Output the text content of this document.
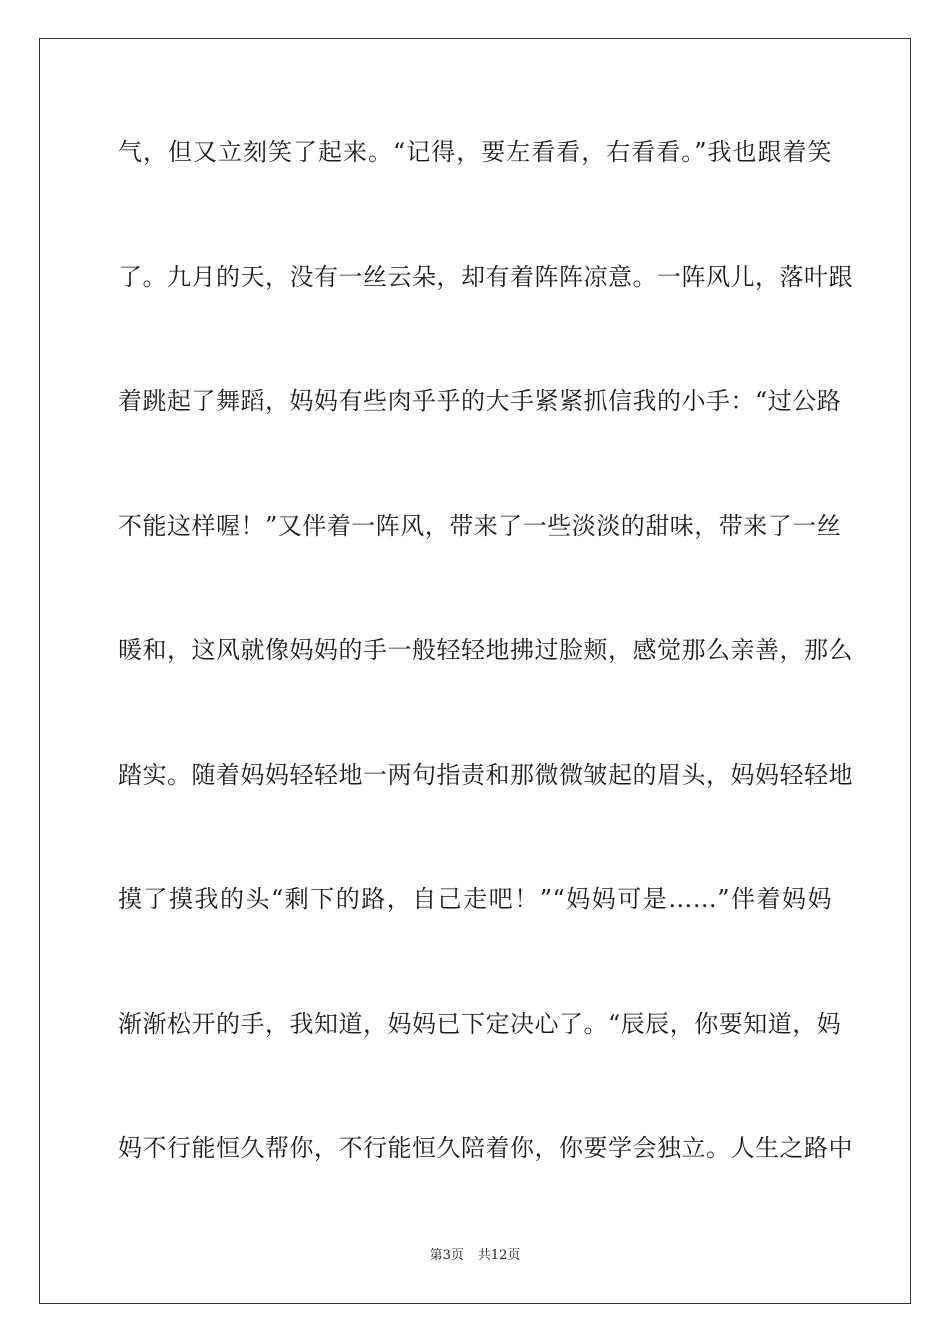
气，但又立刻笑了起来。“记得，要左看看，右看看。”我也跟着笑
了。九月的天，没有一丝云朵，却有着阵阵凉意。一阵风儿，落叶跟
着跳起了舞蹈，妈妈有些肉乎乎的大手紧紧抓信我的小手：“过公路
不能这样喔！”又伴着一阵风，带来了一些淡淡的甜味，带来了一丝
暖和，这风就像妈妈的手一般轻轻地拂过脸颊，感觉那么亲善，那么
踏实。随着妈妈轻轻地一两句指责和那微微皱起的眉头，妈妈轻轻地
摸了摸我的头“剩下的路，自己走吧！”“妈妈可是……”伴着妈妈
渐渐松开的手，我知道，妈妈已下定决心了。“辰辰，你要知道，妈
妈不行能恒久帮你，不行能恒久陪着你，你要学会独立。人生之路中
第3页 共12页
